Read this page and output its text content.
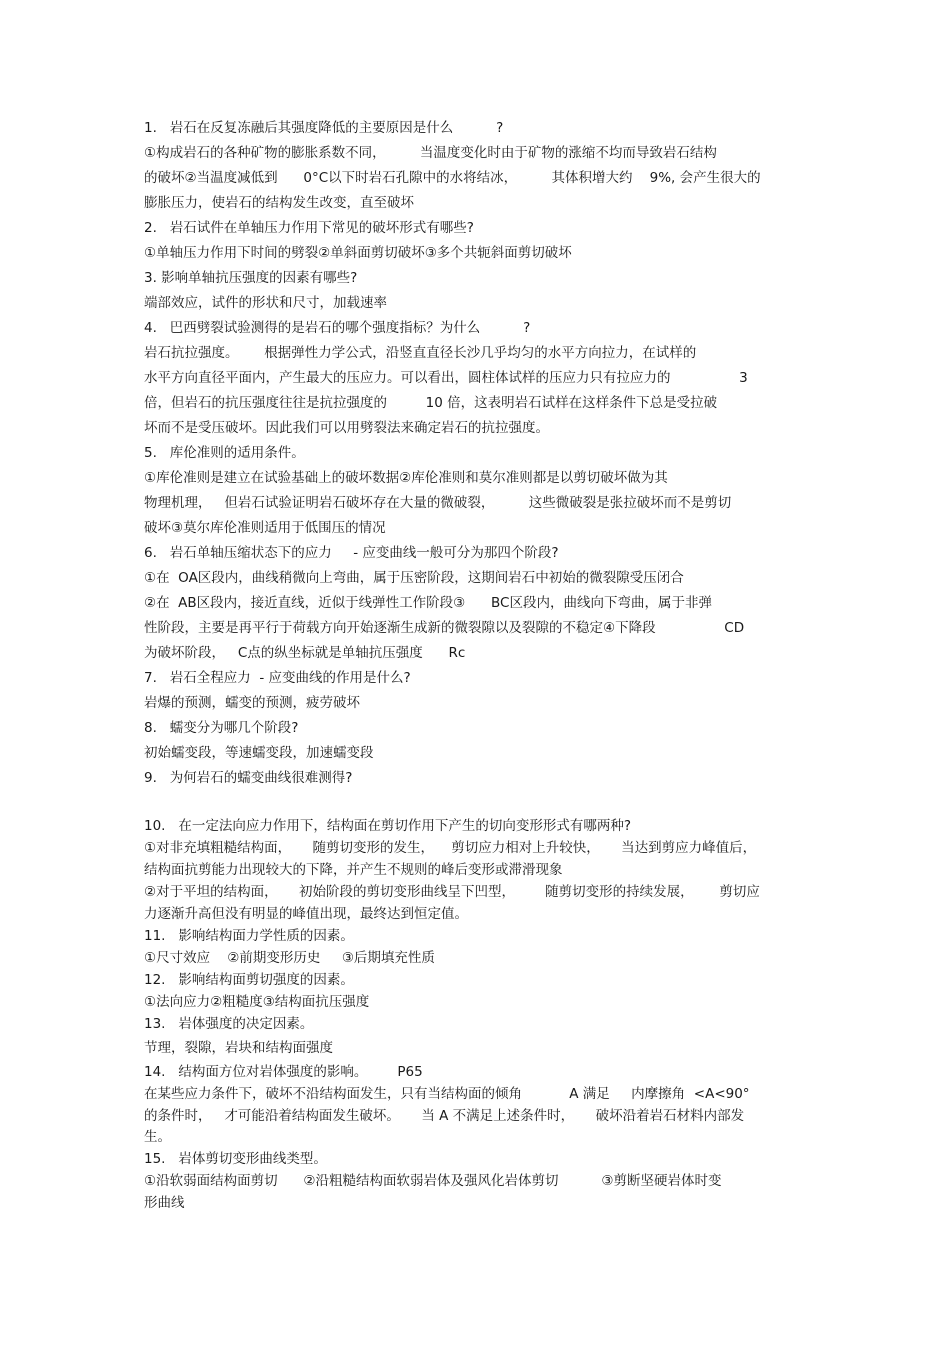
1.   岩石在反复冻融后其强度降低的主要原因是什么          ?
①构成岩石的各种矿物的膨胀系数不同，        当温度变化时由于矿物的涨缩不均而导致岩石结构
的破坏②当温度减低到      0°C以下时岩石孔隙中的水将结冰，        其体积增大约    9%, 会产生很大的
膨胀压力，使岩石的结构发生改变，直至破坏
2.   岩石试件在单轴压力作用下常见的破坏形式有哪些?
①单轴压力作用下时间的劈裂②单斜面剪切破坏③多个共轭斜面剪切破坏
3. 影响单轴抗压强度的因素有哪些?
端部效应，试件的形状和尺寸，加载速率
4.   巴西劈裂试验测得的是岩石的哪个强度指标？为什么          ?
岩石抗拉强度。      根据弹性力学公式，沿竖直直径长沙几乎均匀的水平方向拉力，在试样的
水平方向直径平面内，产生最大的压应力。可以看出，圆柱体试样的压应力只有拉应力的                3
倍，但岩石的抗压强度往往是抗拉强度的         10 倍，这表明岩石试样在这样条件下总是受拉破
坏而不是受压破坏。因此我们可以用劈裂法来确定岩石的抗拉强度。
5.   库伦准则的适用条件。
①库伦准则是建立在试验基础上的破坏数据②库伦准则和莫尔准则都是以剪切破坏做为其
物理机理，   但岩石试验证明岩石破坏存在大量的微破裂，        这些微破裂是张拉破坏而不是剪切
破坏③莫尔库伦准则适用于低围压的情况
6.   岩石单轴压缩状态下的应力     - 应变曲线一般可分为那四个阶段?
①在  OA区段内，曲线稍微向上弯曲，属于压密阶段，这期间岩石中初始的微裂隙受压闭合
②在  AB区段内，接近直线，近似于线弹性工作阶段③      BC区段内，曲线向下弯曲，属于非弹
性阶段，主要是再平行于荷载方向开始逐渐生成新的微裂隙以及裂隙的不稳定④下降段                CD
为破坏阶段，   C点的纵坐标就是单轴抗压强度      Rc
7.   岩石全程应力  - 应变曲线的作用是什么?
岩爆的预测，蠕变的预测，疲劳破坏
8.   蠕变分为哪几个阶段?
初始蠕变段，等速蠕变段，加速蠕变段
9.   为何岩石的蠕变曲线很难测得?
10.   在一定法向应力作用下，结构面在剪切作用下产生的切向变形形式有哪两种?
①对非充填粗糙结构面，     随剪切变形的发生，    剪切应力相对上升较快，     当达到剪应力峰值后，
结构面抗剪能力出现较大的下降，并产生不规则的峰后变形或滞滑现象
②对于平坦的结构面，     初始阶段的剪切变形曲线呈下凹型，       随剪切变形的持续发展，      剪切应
力逐渐升高但没有明显的峰值出现，最终达到恒定值。
11.   影响结构面力学性质的因素。
①尺寸效应    ②前期变形历史     ③后期填充性质
12.   影响结构面剪切强度的因素。
①法向应力②粗糙度③结构面抗压强度
13.   岩体强度的决定因素。
节理，裂隙，岩块和结构面强度
14.   结构面方位对岩体强度的影响。       P65
在某些应力条件下，破坏不沿结构面发生，只有当结构面的倾角           A 满足     内摩擦角  <A<90°
的条件时，   才可能沿着结构面发生破坏。     当 A 不满足上述条件时，     破坏沿着岩石材料内部发
生。
15.   岩体剪切变形曲线类型。
①沿软弱面结构面剪切      ②沿粗糙结构面软弱岩体及强风化岩体剪切          ③剪断坚硬岩体时变
形曲线
